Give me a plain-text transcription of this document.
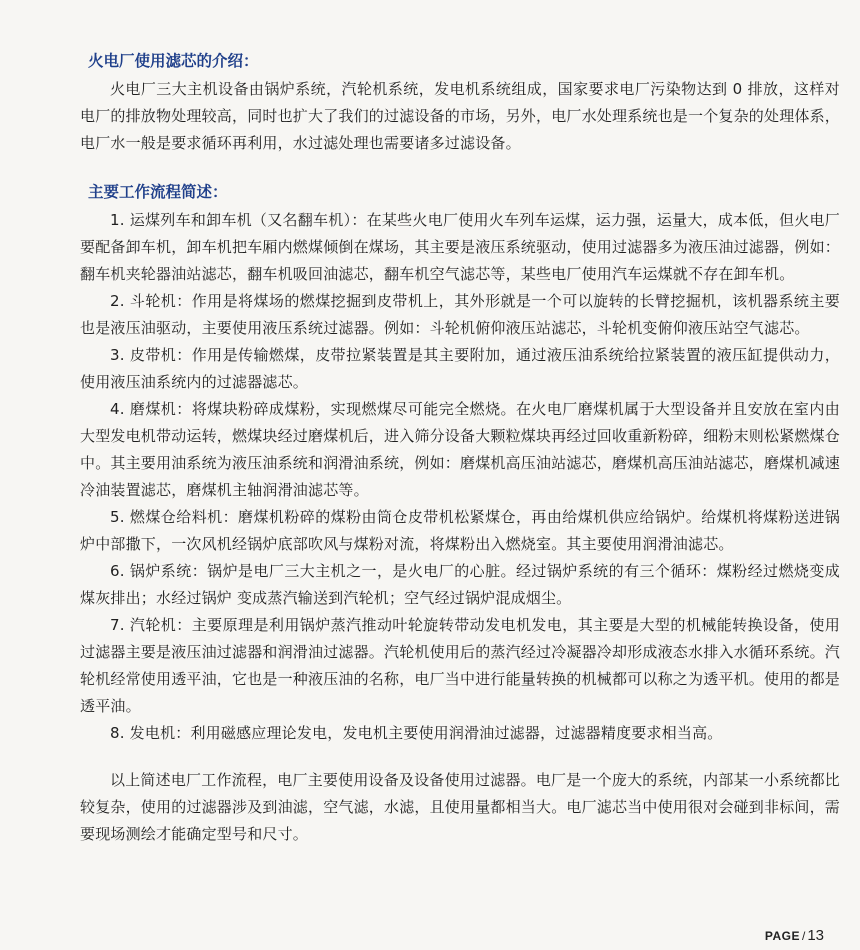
火电厂使用滤芯的介绍：

火电厂三大主机设备由锅炉系统，汽轮机系统，发电机系统组成，国家要求电厂污染物达到 0 排放，这样对电厂的排放物处理较高，同时也扩大了我们的过滤设备的市场，另外，电厂水处理系统也是一个复杂的处理体系，电厂水一般是要求循环再利用，水过滤处理也需要诸多过滤设备。

主要工作流程简述：

1. 运煤列车和卸车机（又名翻车机）：在某些火电厂使用火车列车运煤，运力强，运量大，成本低，但火电厂要配备卸车机，卸车机把车厢内燃煤倾倒在煤场，其主要是液压系统驱动，使用过滤器多为液压油过滤器，例如：翻车机夹轮器油站滤芯，翻车机吸回油滤芯，翻车机空气滤芯等，某些电厂使用汽车运煤就不存在卸车机。

2. 斗轮机：作用是将煤场的燃煤挖掘到皮带机上，其外形就是一个可以旋转的长臂挖掘机，该机器系统主要也是液压油驱动，主要使用液压系统过滤器。例如：斗轮机俯仰液压站滤芯，斗轮机变俯仰液压站空气滤芯。

3. 皮带机：作用是传输燃煤，皮带拉紧装置是其主要附加，通过液压油系统给拉紧装置的液压缸提供动力，使用液压油系统内的过滤器滤芯。

4. 磨煤机：将煤块粉碎成煤粉，实现燃煤尽可能完全燃烧。在火电厂磨煤机属于大型设备并且安放在室内由大型发电机带动运转，燃煤块经过磨煤机后，进入筛分设备大颗粒煤块再经过回收重新粉碎，细粉末则松紧燃煤仓中。其主要用油系统为液压油系统和润滑油系统，例如：磨煤机高压油站滤芯，磨煤机高压油站滤芯，磨煤机减速冷油装置滤芯，磨煤机主轴润滑油滤芯等。

5. 燃煤仓给料机：磨煤机粉碎的煤粉由筒仓皮带机松紧煤仓，再由给煤机供应给锅炉。给煤机将煤粉送进锅炉中部撒下，一次风机经锅炉底部吹风与煤粉对流，将煤粉出入燃烧室。其主要使用润滑油滤芯。

6. 锅炉系统：锅炉是电厂三大主机之一，是火电厂的心脏。经过锅炉系统的有三个循环：煤粉经过燃烧变成煤灰排出；水经过锅炉 变成蒸汽输送到汽轮机；空气经过锅炉混成烟尘。

7. 汽轮机：主要原理是利用锅炉蒸汽推动叶轮旋转带动发电机发电，其主要是大型的机械能转换设备，使用过滤器主要是液压油过滤器和润滑油过滤器。汽轮机使用后的蒸汽经过冷凝器冷却形成液态水排入水循环系统。汽轮机经常使用透平油，它也是一种液压油的名称，电厂当中进行能量转换的机械都可以称之为透平机。使用的都是透平油。

8. 发电机：利用磁感应理论发电，发电机主要使用润滑油过滤器，过滤器精度要求相当高。

以上简述电厂工作流程，电厂主要使用设备及设备使用过滤器。电厂是一个庞大的系统，内部某一小系统都比较复杂，使用的过滤器涉及到油滤，空气滤，水滤，且使用量都相当大。电厂滤芯当中使用很对会碰到非标间，需要现场测绘才能确定型号和尺寸。

PAGE / 13
